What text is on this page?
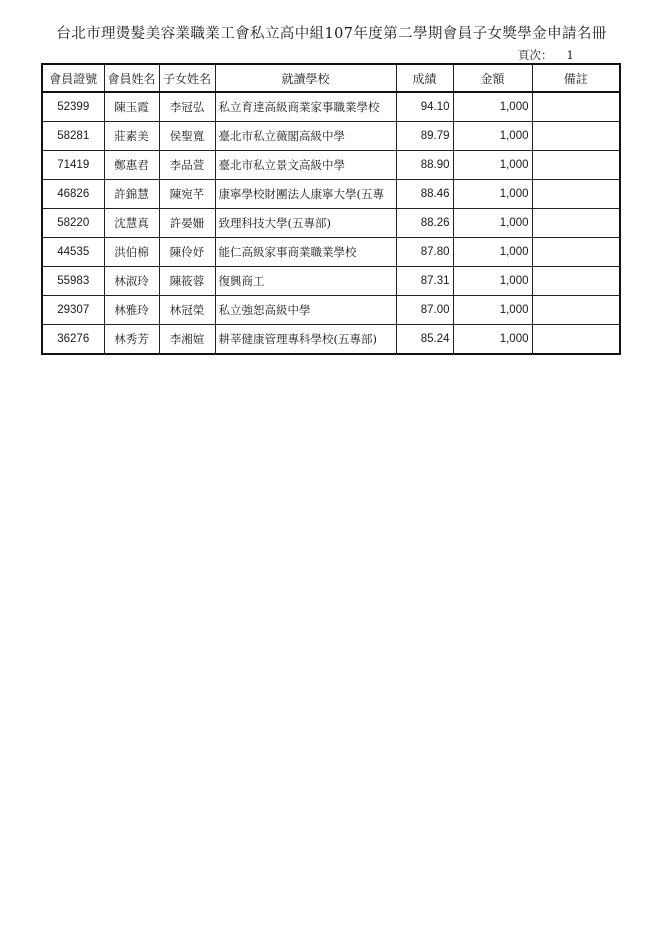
台北市理燙髮美容業職業工會私立高中組107年度第二學期會員子女獎學金申請名冊
頁次： 1
會員證號	會員姓名	子女姓名	就讀學校	成績	金額	備註
52399	陳玉霞	李冠弘	私立育達高級商業家事職業學校	94.10	1,000	
58281	莊素美	侯聖寬	臺北市私立薇閣高級中學	89.79	1,000	
71419	鄭惠君	李品萱	臺北市私立景文高級中學	88.90	1,000	
46826	許錦慧	陳宛芊	康寧學校財團法人康寧大學(五專	88.46	1,000	
58220	沈慧真	許晏姍	致理科技大學(五專部)	88.26	1,000	
44535	洪伯棉	陳伶妤	能仁高級家事商業職業學校	87.80	1,000	
55983	林淑玲	陳筱蓉	復興商工	87.31	1,000	
29307	林雅玲	林冠榮	私立強恕高級中學	87.00	1,000	
36276	林秀芳	李湘媗	耕莘健康管理專科學校(五專部)	85.24	1,000	
